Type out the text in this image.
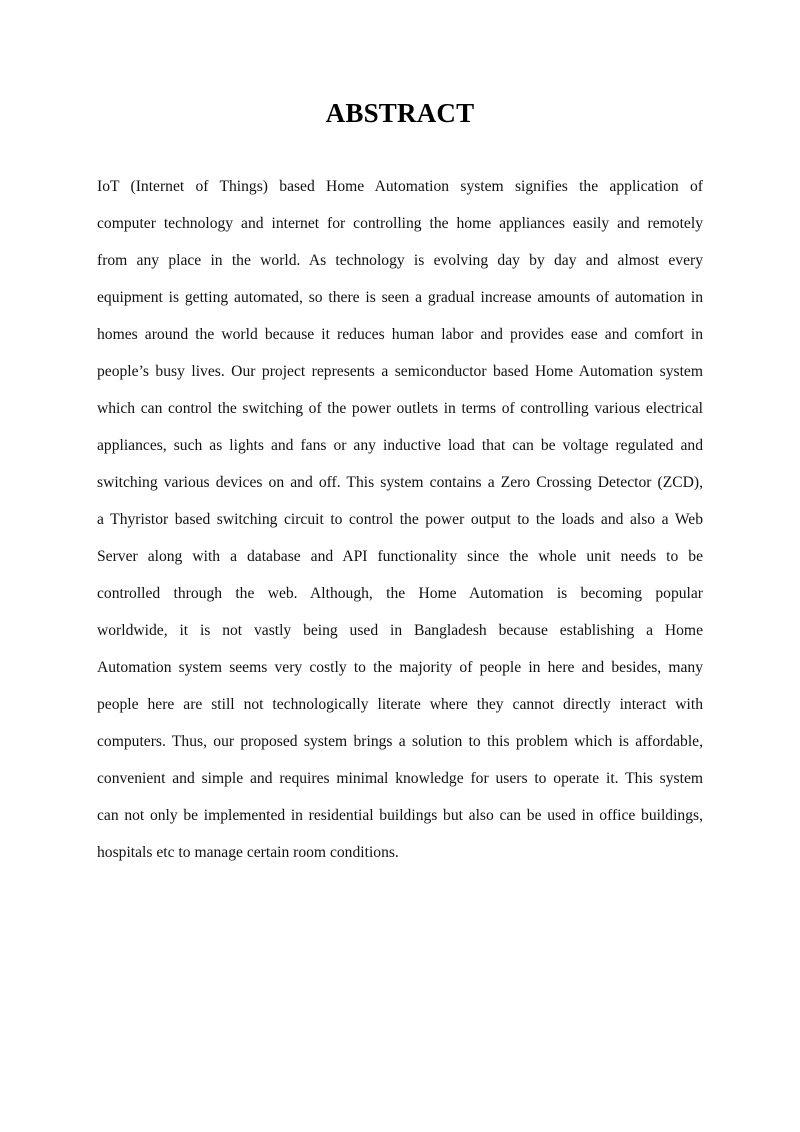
ABSTRACT
IoT (Internet of Things) based Home Automation system signifies the application of
computer technology and internet for controlling the home appliances easily and remotely
from any place in the world. As technology is evolving day by day and almost every
equipment is getting automated, so there is seen a gradual increase amounts of automation in
homes around the world because it reduces human labor and provides ease and comfort in
people’s busy lives. Our project represents a semiconductor based Home Automation system
which can control the switching of the power outlets in terms of controlling various electrical
appliances, such as lights and fans or any inductive load that can be voltage regulated and
switching various devices on and off. This system contains a Zero Crossing Detector (ZCD),
a Thyristor based switching circuit to control the power output to the loads and also a Web
Server along with a database and API functionality since the whole unit needs to be
controlled through the web. Although, the Home Automation is becoming popular
worldwide, it is not vastly being used in Bangladesh because establishing a Home
Automation system seems very costly to the majority of people in here and besides, many
people here are still not technologically literate where they cannot directly interact with
computers. Thus, our proposed system brings a solution to this problem which is affordable,
convenient and simple and requires minimal knowledge for users to operate it. This system
can not only be implemented in residential buildings but also can be used in office buildings,
hospitals etc to manage certain room conditions.
